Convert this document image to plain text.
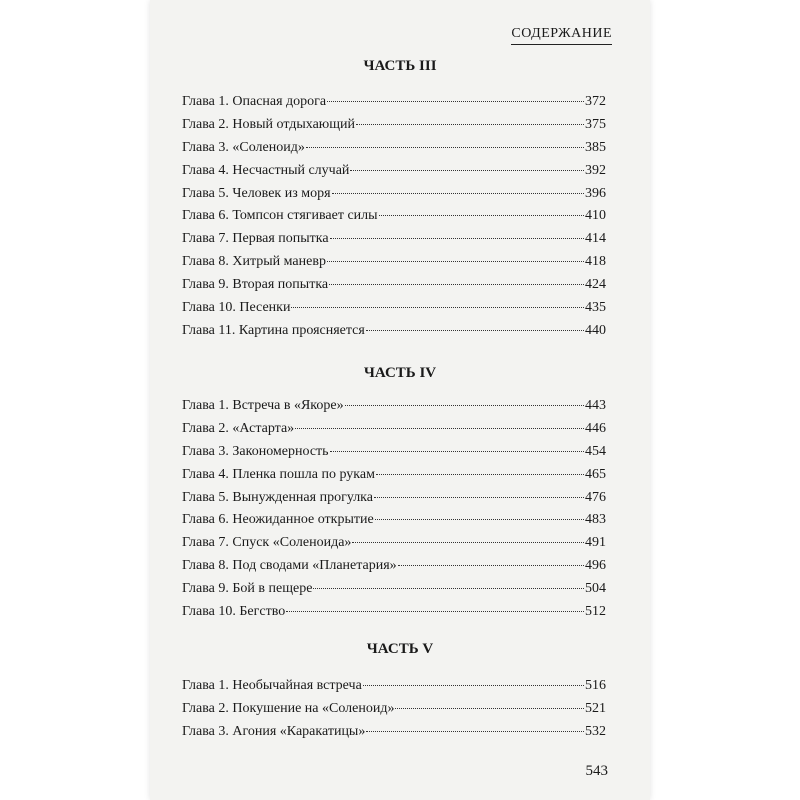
СОДЕРЖАНИЕ
ЧАСТЬ III
Глава 1. Опасная дорога	372
Глава 2. Новый отдыхающий	375
Глава 3. «Соленоид»	385
Глава 4. Несчастный случай	392
Глава 5. Человек из моря	396
Глава 6. Томпсон стягивает силы	410
Глава 7. Первая попытка	414
Глава 8. Хитрый маневр	418
Глава 9. Вторая попытка	424
Глава 10. Песенки	435
Глава 11. Картина проясняется	440
ЧАСТЬ IV
Глава 1. Встреча в «Якоре»	443
Глава 2. «Астарта»	446
Глава 3. Закономерность	454
Глава 4. Пленка пошла по рукам	465
Глава 5. Вынужденная прогулка	476
Глава 6. Неожиданное открытие	483
Глава 7. Спуск «Соленоида»	491
Глава 8. Под сводами «Планетария»	496
Глава 9. Бой в пещере	504
Глава 10. Бегство	512
ЧАСТЬ V
Глава 1. Необычайная встреча	516
Глава 2. Покушение на «Соленоид»	521
Глава 3. Агония «Каракатицы»	532
543
